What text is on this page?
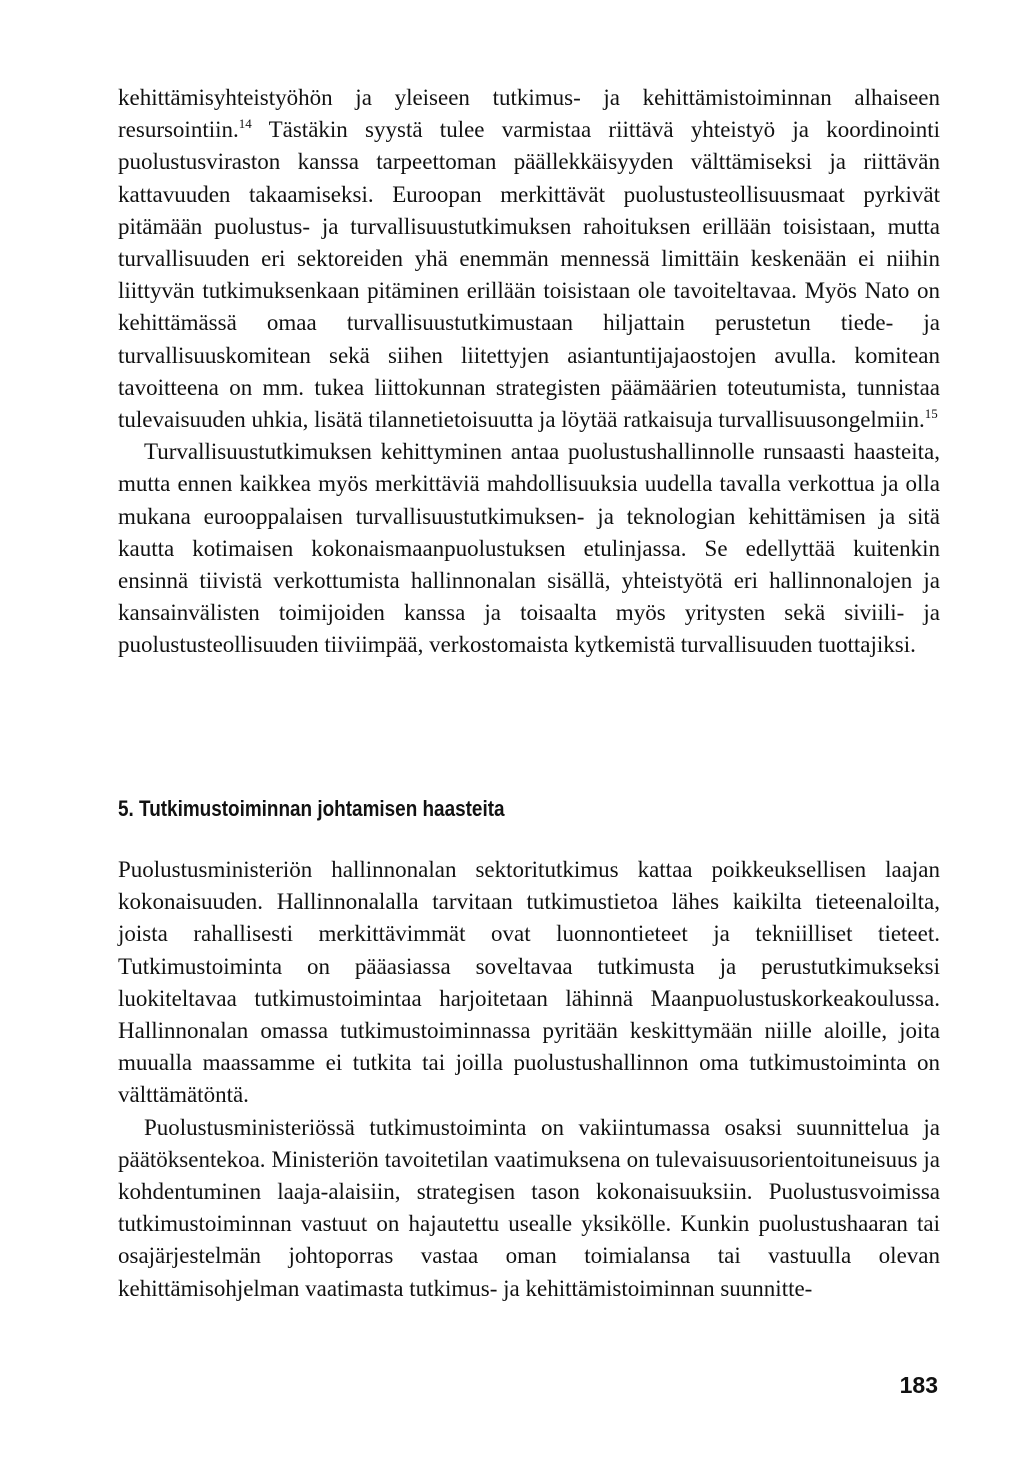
kehittämisyhteistyöhön ja yleiseen tutkimus- ja kehittämistoiminnan alhaiseen resursointiin.$^{14}$ Tästäkin syystä tulee varmistaa riittävä yhteistyö ja koordinointi puolustusviraston kanssa tarpeettoman päällekkäisyyden välttämiseksi ja riittävän kattavuuden takaamiseksi. Euroopan merkittävät puolustusteollisuusmaat pyrkivät pitämään puolustus- ja turvallisuustutkimuksen rahoituksen erillään toisistaan, mutta turvallisuuden eri sektoreiden yhä enemmän mennessä limittäin keskenään ei niihin liittyvän tutkimuksenkaan pitäminen erillään toisistaan ole tavoiteltavaa. Myös Nato on kehittämässä omaa turvallisuustutkimustaan hiljattain perustetun tiede- ja turvallisuuskomitean sekä siihen liitettyjen asiantuntijajaostojen avulla. komitean tavoitteena on mm. tukea liittokunnan strategisten päämäärien toteutumista, tunnistaa tulevaisuuden uhkia, lisätä tilannetietoisuutta ja löytää ratkaisuja turvallisuusongelmiin.$^{15}$

Turvallisuustutkimuksen kehittyminen antaa puolustushallinnolle runsaasti haasteita, mutta ennen kaikkea myös merkittäviä mahdollisuuksia uudella tavalla verkottua ja olla mukana eurooppalaisen turvallisuustutkimuksen- ja teknologian kehittämisen ja sitä kautta kotimaisen kokonaismaanpuolustuksen etulinjassa. Se edellyttää kuitenkin ensinnä tiivistä verkottumista hallinnonalan sisällä, yhteistyötä eri hallinnonalojen ja kansainvälisten toimijoiden kanssa ja toisaalta myös yritysten sekä siviili- ja puolustusteollisuuden tiiviimpää, verkostomaista kytkemistä turvallisuuden tuottajiksi.

5. Tutkimustoiminnan johtamisen haasteita

Puolustusministeriön hallinnonalan sektoritutkimus kattaa poikkeuksellisen laajan kokonaisuuden. Hallinnonalalla tarvitaan tutkimustietoa lähes kaikilta tieteenaloilta, joista rahallisesti merkittävimmät ovat luonnontieteet ja tekniilliset tieteet. Tutkimustoiminta on pääasiassa soveltavaa tutkimusta ja perustutkimukseksi luokiteltavaa tutkimustoimintaa harjoitetaan lähinnä Maanpuolustuskorkeakoulussa. Hallinnonalan omassa tutkimustoiminnassa pyritään keskittymään niille aloille, joita muualla maassamme ei tutkita tai joilla puolustushallinnon oma tutkimustoiminta on välttämätöntä.

Puolustusministeriössä tutkimustoiminta on vakiintumassa osaksi suunnittelua ja päätöksentekoa. Ministeriön tavoitetilan vaatimuksena on tulevaisuusorientoituneisuus ja kohdentuminen laaja-alaisiin, strategisen tason kokonaisuuksiin. Puolustusvoimissa tutkimustoiminnan vastuut on hajautettu usealle yksikölle. Kunkin puolustushaaran tai osajärjestelmän johtoporras vastaa oman toimialansa tai vastuulla olevan kehittämisohjelman vaatimasta tutkimus- ja kehittämistoiminnan suunnitte-

183
